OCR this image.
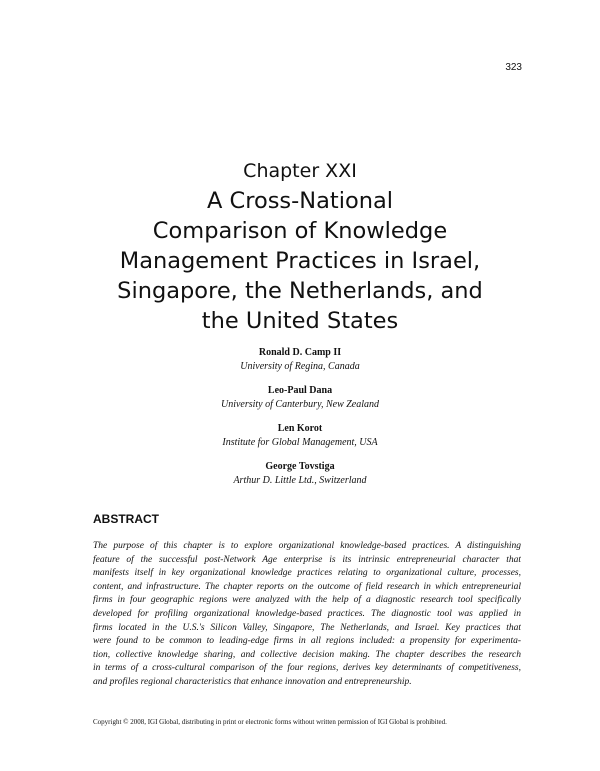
323
Chapter XXI
A Cross-National
Comparison of Knowledge
Management Practices in Israel,
Singapore, the Netherlands, and
the United States
Ronald D. Camp II
University of Regina, Canada
Leo-Paul Dana
University of Canterbury, New Zealand
Len Korot
Institute for Global Management, USA
George Tovstiga
Arthur D. Little Ltd., Switzerland
ABSTRACT

The purpose of this chapter is to explore organizational knowledge-based practices. A distinguishing
feature of the successful post-Network Age enterprise is its intrinsic entrepreneurial character that
manifests itself in key organizational knowledge practices relating to organizational culture, processes,
content, and infrastructure. The chapter reports on the outcome of field research in which entrepreneurial
firms in four geographic regions were analyzed with the help of a diagnostic research tool specifically
developed for profiling organizational knowledge-based practices. The diagnostic tool was applied in
firms located in the U.S.'s Silicon Valley, Singapore, The Netherlands, and Israel. Key practices that
were found to be common to leading-edge firms in all regions included: a propensity for experimenta-
tion, collective knowledge sharing, and collective decision making. The chapter describes the research
in terms of a cross-cultural comparison of the four regions, derives key determinants of competitiveness,
and profiles regional characteristics that enhance innovation and entrepreneurship.

Copyright © 2008, IGI Global, distributing in print or electronic forms without written permission of IGI Global is prohibited.
